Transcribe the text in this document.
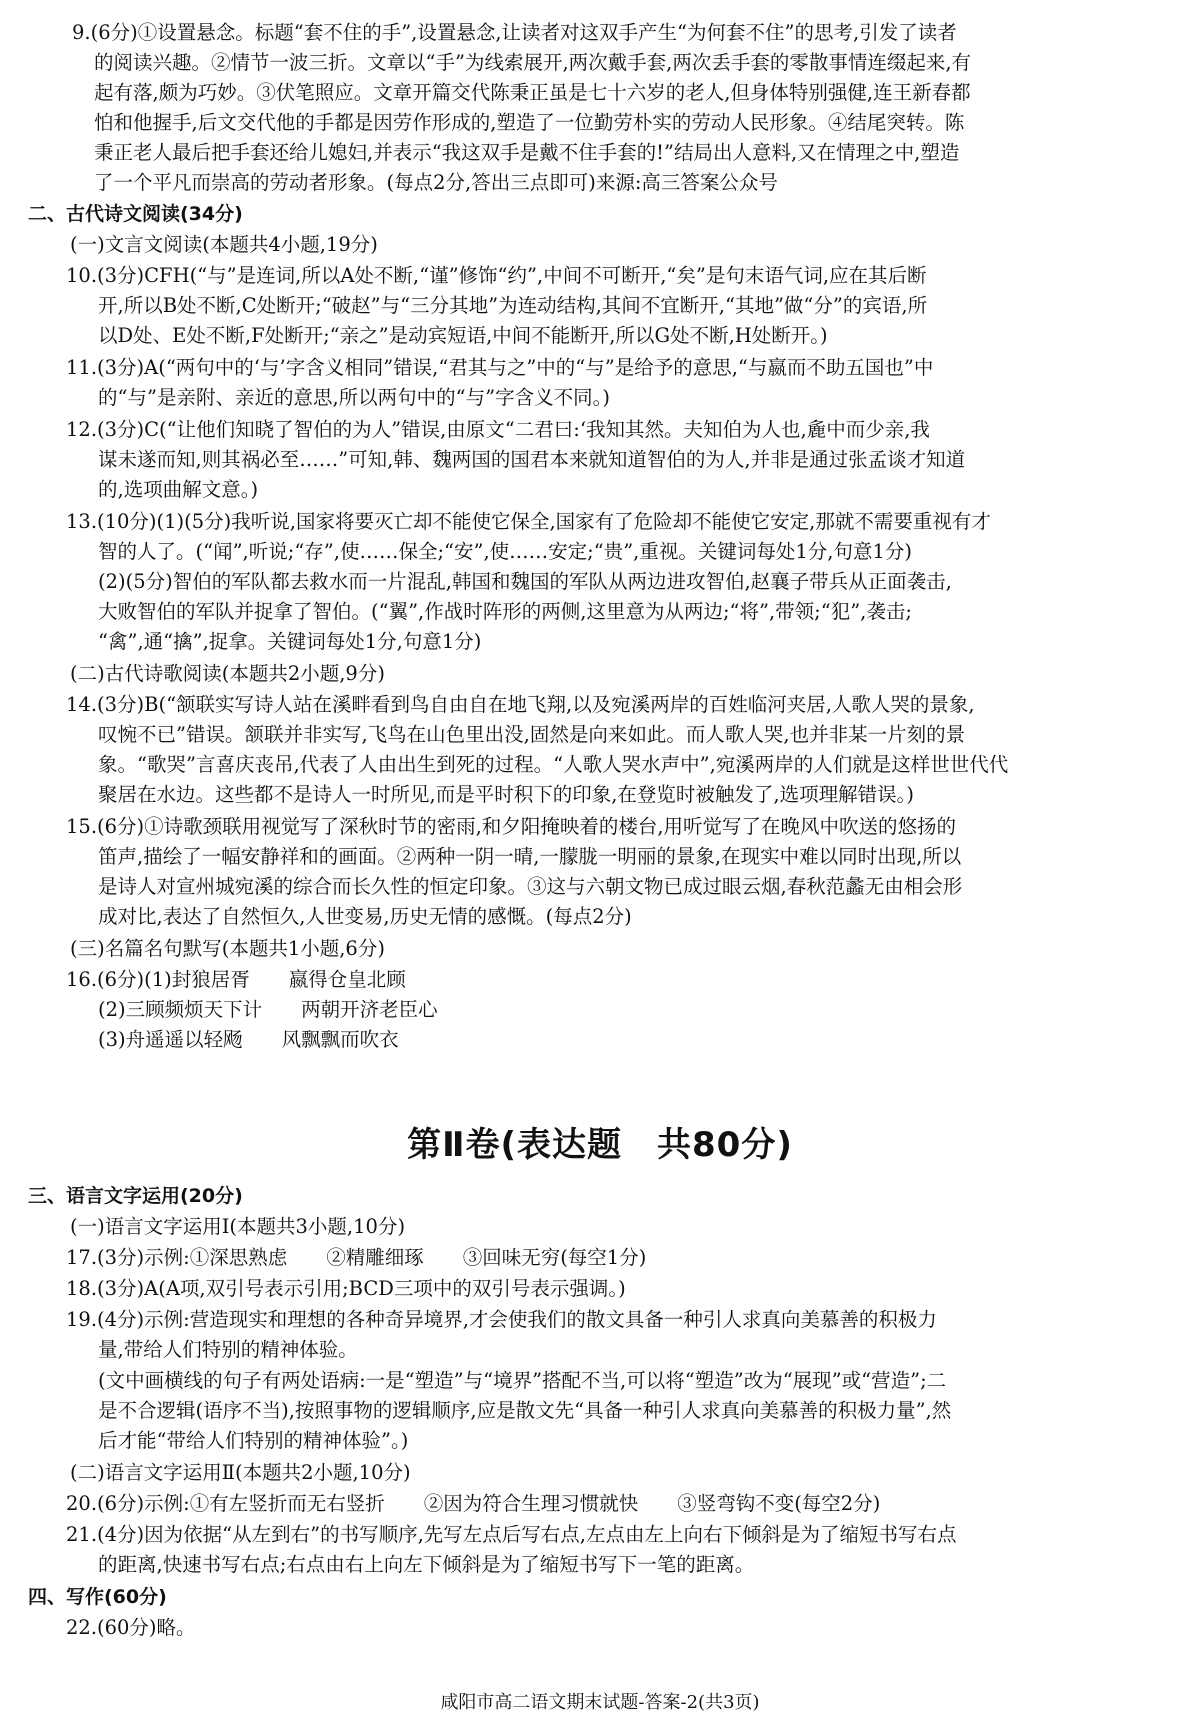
9.(6分)①设置悬念。标题“套不住的手”,设置悬念,让读者对这双手产生“为何套不住”的思考,引发了读者
的阅读兴趣。②情节一波三折。文章以“手”为线索展开,两次戴手套,两次丢手套的零散事情连缀起来,有
起有落,颇为巧妙。③伏笔照应。文章开篇交代陈秉正虽是七十六岁的老人,但身体特别强健,连王新春都
怕和他握手,后文交代他的手都是因劳作形成的,塑造了一位勤劳朴实的劳动人民形象。④结尾突转。陈
秉正老人最后把手套还给儿媳妇,并表示“我这双手是戴不住手套的!”结局出人意料,又在情理之中,塑造
了一个平凡而崇高的劳动者形象。(每点2分,答出三点即可)来源:高三答案公众号
二、古代诗文阅读(34分)
(一)文言文阅读(本题共4小题,19分)
10.(3分)CFH(“与”是连词,所以A处不断,“谨”修饰“约”,中间不可断开,“矣”是句末语气词,应在其后断
开,所以B处不断,C处断开;“破赵”与“三分其地”为连动结构,其间不宜断开,“其地”做“分”的宾语,所
以D处、E处不断,F处断开;“亲之”是动宾短语,中间不能断开,所以G处不断,H处断开。)
11.(3分)A(“两句中的‘与’字含义相同”错误,“君其与之”中的“与”是给予的意思,“与嬴而不助五国也”中
的“与”是亲附、亲近的意思,所以两句中的“与”字含义不同。)
12.(3分)C(“让他们知晓了智伯的为人”错误,由原文“二君曰:‘我知其然。夫知伯为人也,麁中而少亲,我
谋未遂而知,则其祸必至……”可知,韩、魏两国的国君本来就知道智伯的为人,并非是通过张孟谈才知道
的,选项曲解文意。)
13.(10分)(1)(5分)我听说,国家将要灭亡却不能使它保全,国家有了危险却不能使它安定,那就不需要重视有才
智的人了。(“闻”,听说;“存”,使……保全;“安”,使……安定;“贵”,重视。关键词每处1分,句意1分)
(2)(5分)智伯的军队都去救水而一片混乱,韩国和魏国的军队从两边进攻智伯,赵襄子带兵从正面袭击,
大败智伯的军队并捉拿了智伯。(“翼”,作战时阵形的两侧,这里意为从两边;“将”,带领;“犯”,袭击;
“禽”,通“擒”,捉拿。关键词每处1分,句意1分)
(二)古代诗歌阅读(本题共2小题,9分)
14.(3分)B(“颔联实写诗人站在溪畔看到鸟自由自在地飞翔,以及宛溪两岸的百姓临河夹居,人歌人哭的景象,
叹惋不已”错误。颔联并非实写,飞鸟在山色里出没,固然是向来如此。而人歌人哭,也并非某一片刻的景
象。“歌哭”言喜庆丧吊,代表了人由出生到死的过程。“人歌人哭水声中”,宛溪两岸的人们就是这样世世代代
聚居在水边。这些都不是诗人一时所见,而是平时积下的印象,在登览时被触发了,选项理解错误。)
15.(6分)①诗歌颈联用视觉写了深秋时节的密雨,和夕阳掩映着的楼台,用听觉写了在晚风中吹送的悠扬的
笛声,描绘了一幅安静祥和的画面。②两种一阴一晴,一朦胧一明丽的景象,在现实中难以同时出现,所以
是诗人对宣州城宛溪的综合而长久性的恒定印象。③这与六朝文物已成过眼云烟,春秋范蠡无由相会形
成对比,表达了自然恒久,人世变易,历史无情的感慨。(每点2分)
(三)名篇名句默写(本题共1小题,6分)
16.(6分)(1)封狼居胥　　嬴得仓皇北顾
(2)三顾频烦天下计　　两朝开济老臣心
(3)舟遥遥以轻飏　　风飘飘而吹衣
第Ⅱ卷(表达题　共80分)
三、语言文字运用(20分)
(一)语言文字运用Ⅰ(本题共3小题,10分)
17.(3分)示例:①深思熟虑　　②精雕细琢　　③回味无穷(每空1分)
18.(3分)A(A项,双引号表示引用;BCD三项中的双引号表示强调。)
19.(4分)示例:营造现实和理想的各种奇异境界,才会使我们的散文具备一种引人求真向美慕善的积极力
量,带给人们特别的精神体验。
(文中画横线的句子有两处语病:一是“塑造”与“境界”搭配不当,可以将“塑造”改为“展现”或“营造”;二
是不合逻辑(语序不当),按照事物的逻辑顺序,应是散文先“具备一种引人求真向美慕善的积极力量”,然
后才能“带给人们特别的精神体验”。)
(二)语言文字运用Ⅱ(本题共2小题,10分)
20.(6分)示例:①有左竖折而无右竖折　　②因为符合生理习惯就快　　③竖弯钩不变(每空2分)
21.(4分)因为依据“从左到右”的书写顺序,先写左点后写右点,左点由左上向右下倾斜是为了缩短书写右点
的距离,快速书写右点;右点由右上向左下倾斜是为了缩短书写下一笔的距离。
四、写作(60分)
22.(60分)略。
咸阳市高二语文期末试题-答案-2(共3页)
